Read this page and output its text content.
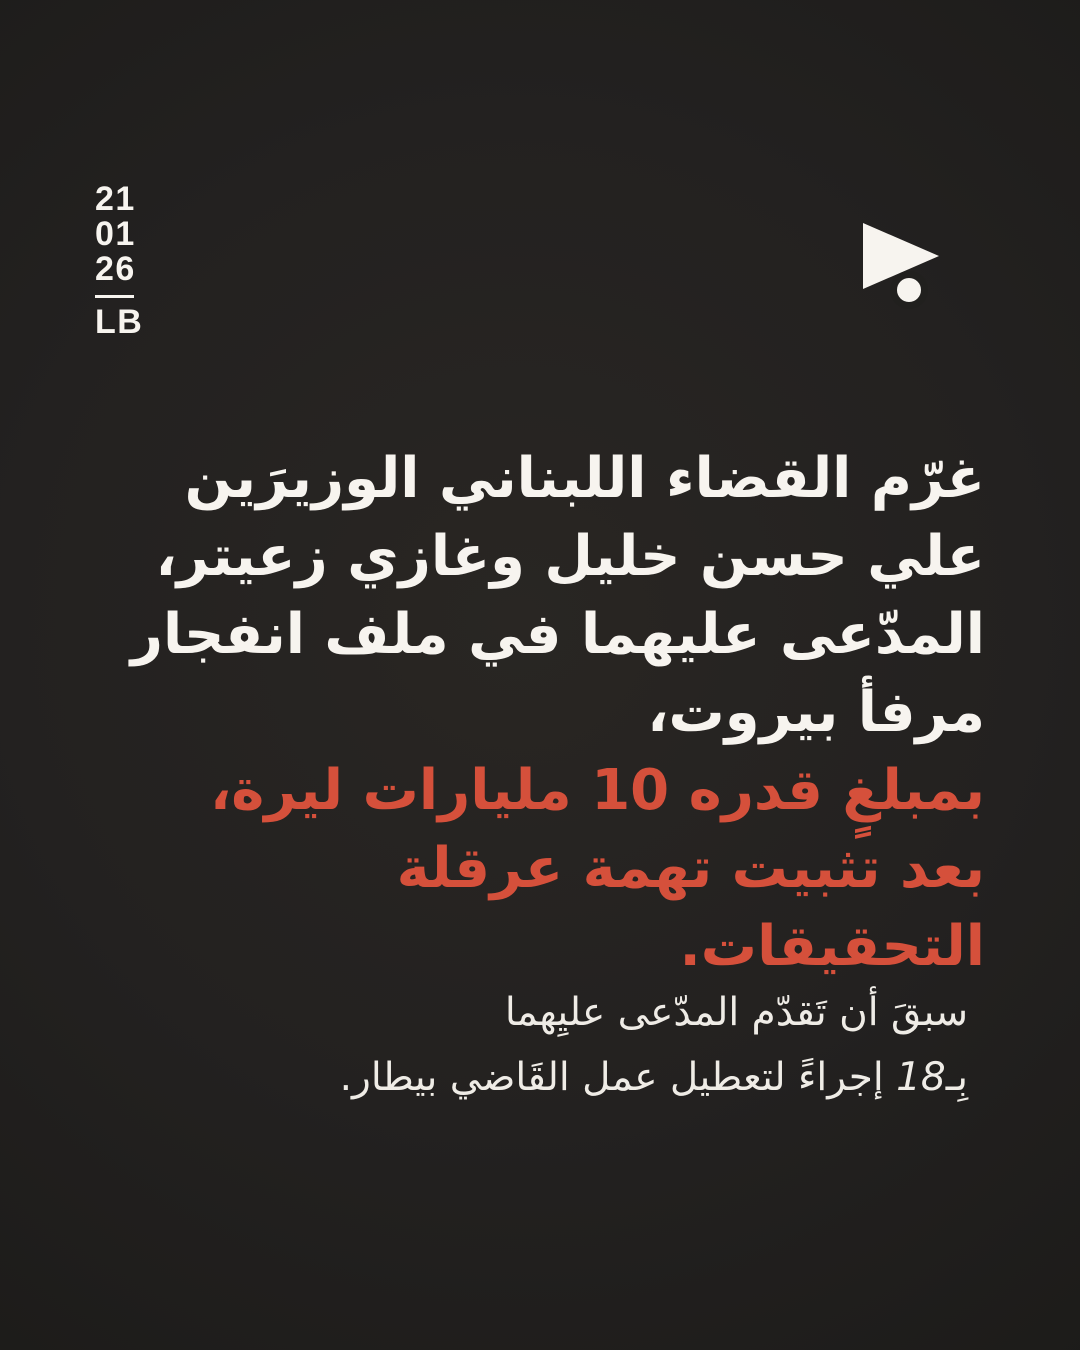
21
01
26
LB
غرّم القضاء اللبناني الوزيرَين
علي حسن خليل وغازي زعيتر،
المدّعى عليهما في ملف انفجار مرفأ بيروت،
بمبلغٍ قدره 10 مليارات ليرة،
بعد تثبيت تهمة عرقلة التحقيقات.
سبقَ أن تَقدّم المدّعى عليِهما
بِـ18 إجراءً لتعطيل عمل القَاضي بيطار.
